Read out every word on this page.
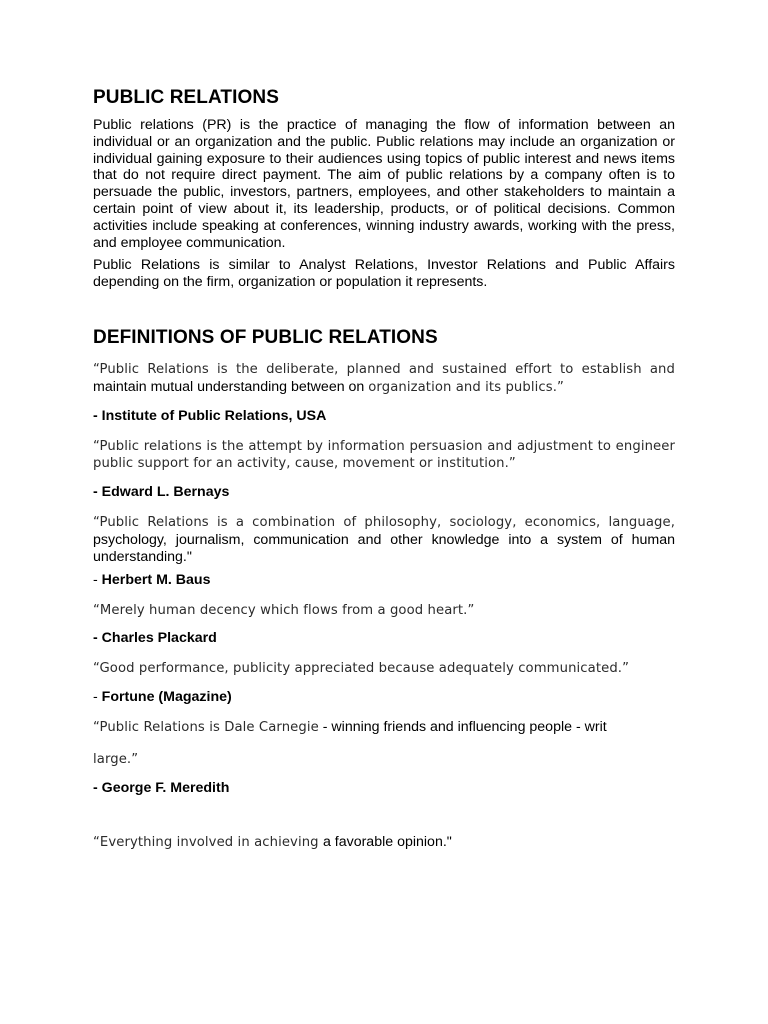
PUBLIC RELATIONS

Public relations (PR) is the practice of managing the flow of information between an individual or an organization and the public. Public relations may include an organization or individual gaining exposure to their audiences using topics of public interest and news items that do not require direct payment. The aim of public relations by a company often is to persuade the public, investors, partners, employees, and other stakeholders to maintain a certain point of view about it, its leadership, products, or of political decisions. Common activities include speaking at conferences, winning industry awards, working with the press, and employee communication.

Public Relations is similar to Analyst Relations, Investor Relations and Public Affairs depending on the firm, organization or population it represents.

DEFINITIONS OF PUBLIC RELATIONS

“Public Relations is the deliberate, planned and sustained effort to establish and maintain mutual understanding between on organization and its publics.”

- Institute of Public Relations, USA

“Public relations is the attempt by information persuasion and adjustment to engineer public support for an activity, cause, movement or institution.”

- Edward L. Bernays

“Public Relations is a combination of philosophy, sociology, economics, language, psychology, journalism, communication and other knowledge into a system of human understanding."

- Herbert M. Baus

“Merely human decency which flows from a good heart.”

- Charles Plackard

“Good performance, publicity appreciated because adequately communicated.”

- Fortune (Magazine)

“Public Relations is Dale Carnegie - winning friends and influencing people - writ

large.”

- George F. Meredith

“Everything involved in achieving a favorable opinion."
